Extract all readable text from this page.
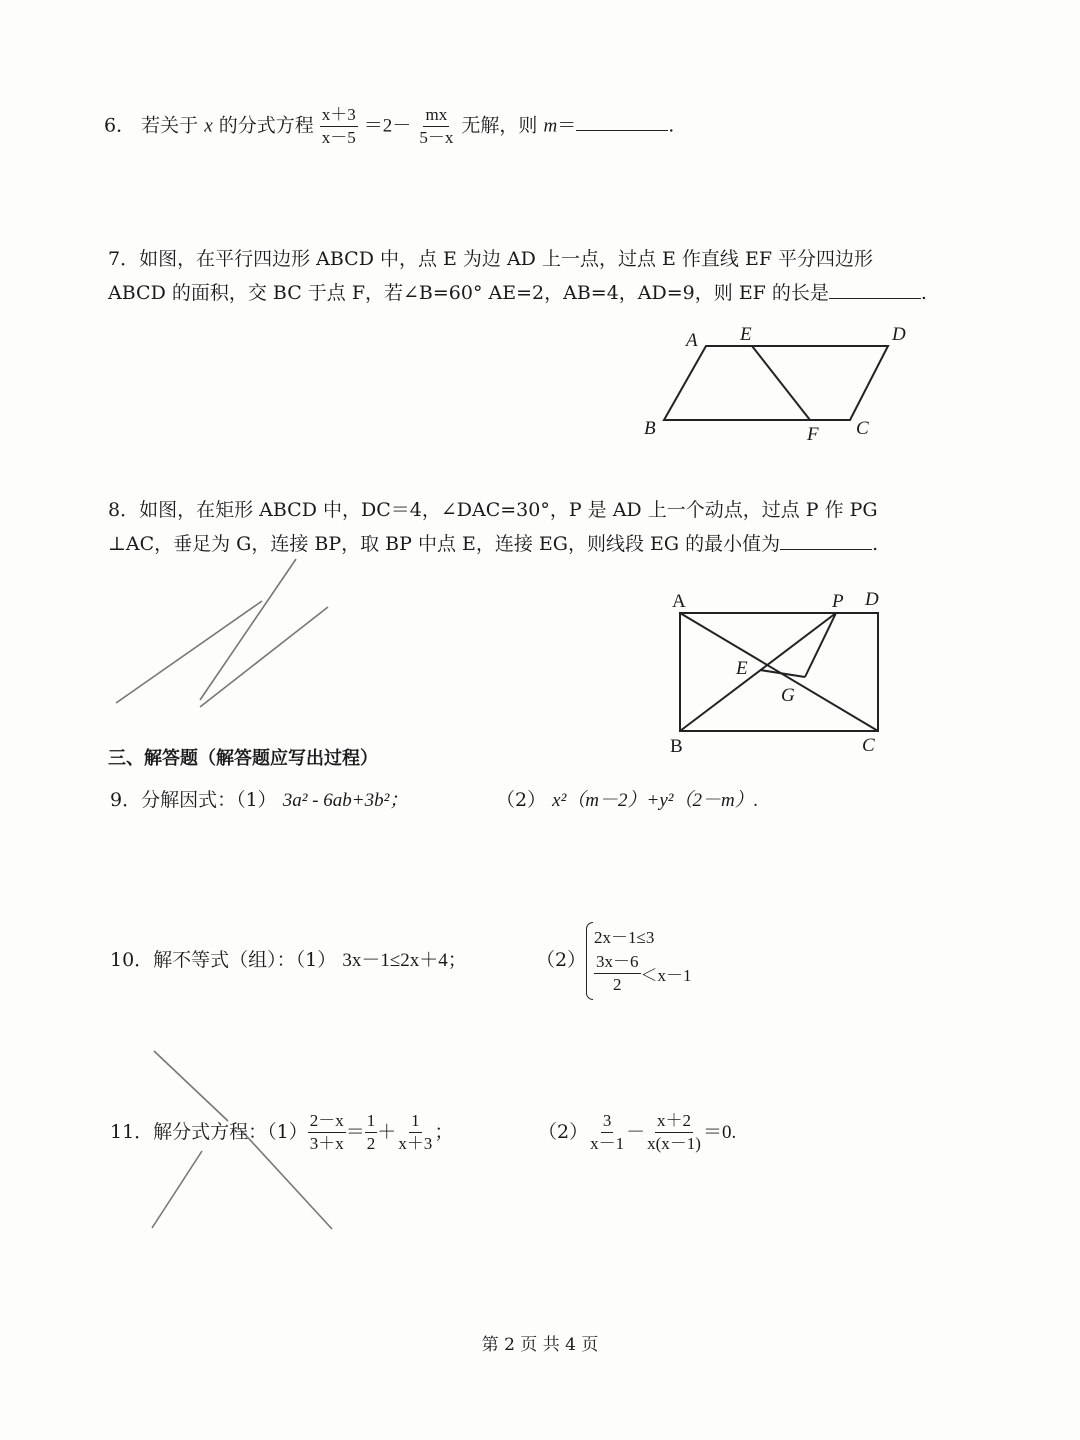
6． 若关于 x 的分式方程 $\frac{x+3}{x-5} =2- \frac{mx}{5-x}$ 无解，则 m＝	.
7．如图，在平行四边形 ABCD 中，点 E 为边 AD 上一点，过点 E 作直线 EF 平分四边形
ABCD 的面积，交 BC 于点 F，若∠B=60° AE=2，AB=4，AD=9，则 EF 的长是	.
A E	D
B	F C
8．如图，在矩形 ABCD 中，DC＝4，∠DAC=30°，P 是 AD 上一个动点，过点 P 作 PG
⊥AC，垂足为 G，连接 BP，取 BP 中点 E，连接 EG，则线段 EG 的最小值为	.
A	P D
E
G
B	C
三、解答题（解答题应写出过程）
9．分解因式：（1） 3a² - 6ab+3b²；	（2） x²（m－2）+y²（2－m）.
10．解不等式（组）：（1） 3x－1≤2x＋4；	（2）
2x－1≤3
$\frac{3x-6}{2} <x-1$
11．解分式方程：$(1) \frac{2-x}{3+x} = \frac{1}{2} + \frac{1}{x+3}$ ；	$(2) \frac{3}{x-1} - \frac{x+2}{x(x-1)} =0$.
第 2 页 共 4 页
